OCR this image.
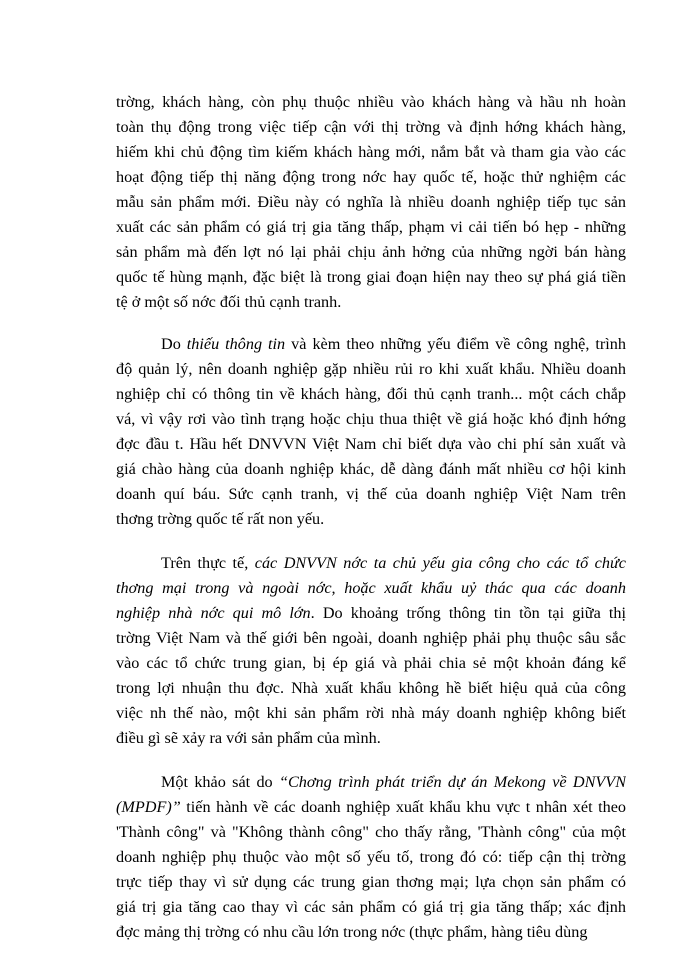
trờng, khách hàng, còn phụ thuộc nhiều vào khách hàng và hầu nh hoàn
toàn thụ động trong việc tiếp cận với thị trờng và định hớng khách hàng,
hiếm khi chủ động tìm kiếm khách hàng mới, nắm bắt và tham gia vào các
hoạt động tiếp thị năng động trong nớc hay quốc tế, hoặc thử nghiệm các
mẫu sản phẩm mới. Điều này có nghĩa là nhiều doanh nghiệp tiếp tục sản
xuất các sản phẩm có giá trị gia tăng thấp, phạm vi cải tiến bó hẹp - những
sản phẩm mà đến lợt nó lại phải chịu ảnh hởng của những ngời bán hàng
quốc tế hùng mạnh, đặc biệt là trong giai đoạn hiện nay theo sự phá giá tiền
tệ ở một số nớc đối thủ cạnh tranh.
Do thiếu thông tin và kèm theo những yếu điểm về công nghệ, trình
độ quản lý, nên doanh nghiệp gặp nhiều rủi ro khi xuất khẩu. Nhiều doanh
nghiệp chỉ có thông tin về khách hàng, đối thủ cạnh tranh... một cách chắp
vá, vì vậy rơi vào tình trạng hoặc chịu thua thiệt về giá hoặc khó định hớng
đợc đầu t. Hầu hết DNVVN Việt Nam chỉ biết dựa vào chi phí sản xuất và
giá chào hàng của doanh nghiệp khác, dễ dàng đánh mất nhiều cơ hội kinh
doanh quí báu. Sức cạnh tranh, vị thế của doanh nghiệp Việt Nam trên
thơng trờng quốc tế rất non yếu.
Trên thực tế, các DNVVN nớc ta chủ yếu gia công cho các tổ chức
thơng mại trong và ngoài nớc, hoặc xuất khẩu uỷ thác qua các doanh
nghiệp nhà nớc qui mô lớn. Do khoảng trống thông tin tồn tại giữa thị
trờng Việt Nam và thế giới bên ngoài, doanh nghiệp phải phụ thuộc sâu sắc
vào các tổ chức trung gian, bị ép giá và phải chia sẻ một khoản đáng kể
trong lợi nhuận thu đợc. Nhà xuất khẩu không hề biết hiệu quả của công
việc nh thế nào, một khi sản phẩm rời nhà máy doanh nghiệp không biết
điều gì sẽ xảy ra với sản phẩm của mình.
Một khảo sát do “Chơng trình phát triển dự án Mekong về DNVVN
(MPDF)” tiến hành về các doanh nghiệp xuất khẩu khu vực t nhân xét theo
'Thành công" và "Không thành công" cho thấy rằng, 'Thành công" của một
doanh nghiệp phụ thuộc vào một số yếu tố, trong đó có: tiếp cận thị trờng
trực tiếp thay vì sử dụng các trung gian thơng mại; lựa chọn sản phẩm có
giá trị gia tăng cao thay vì các sản phẩm có giá trị gia tăng thấp; xác định
đợc mảng thị trờng có nhu cầu lớn trong nớc (thực phẩm, hàng tiêu dùng
